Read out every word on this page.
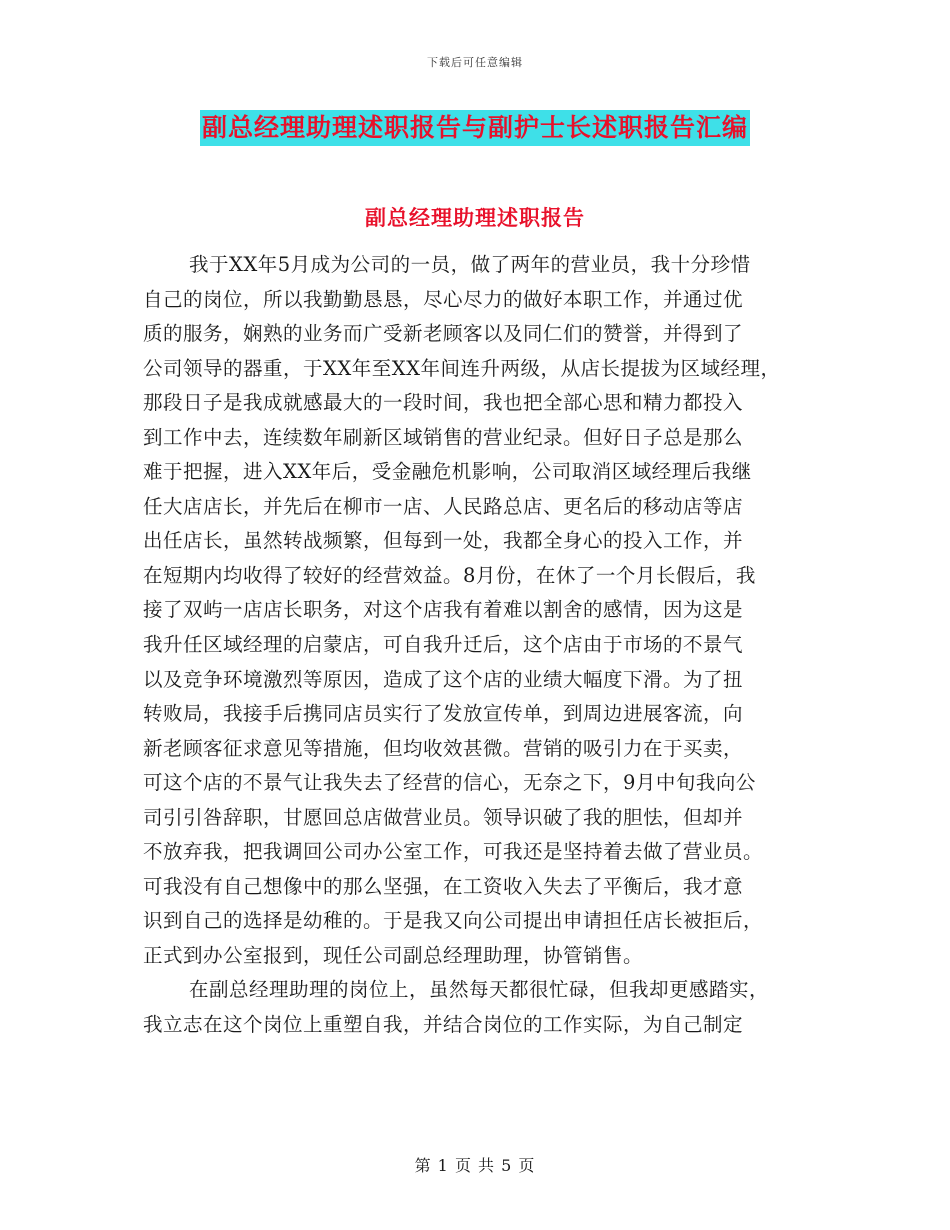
下载后可任意编辑
副总经理助理述职报告与副护士长述职报告汇编
副总经理助理述职报告
我于XX年5月成为公司的一员，做了两年的营业员，我十分珍惜
自己的岗位，所以我勤勤恳恳，尽心尽力的做好本职工作，并通过优
质的服务，娴熟的业务而广受新老顾客以及同仁们的赞誉，并得到了
公司领导的器重，于XX年至XX年间连升两级，从店长提拔为区域经理，
那段日子是我成就感最大的一段时间，我也把全部心思和精力都投入
到工作中去，连续数年刷新区域销售的营业纪录。但好日子总是那么
难于把握，进入XX年后，受金融危机影响，公司取消区域经理后我继
任大店店长，并先后在柳市一店、人民路总店、更名后的移动店等店
出任店长，虽然转战频繁，但每到一处，我都全身心的投入工作，并
在短期内均收得了较好的经营效益。8月份，在休了一个月长假后，我
接了双屿一店店长职务，对这个店我有着难以割舍的感情，因为这是
我升任区域经理的启蒙店，可自我升迁后，这个店由于市场的不景气
以及竞争环境激烈等原因，造成了这个店的业绩大幅度下滑。为了扭
转败局，我接手后携同店员实行了发放宣传单，到周边进展客流，向
新老顾客征求意见等措施，但均收效甚微。营销的吸引力在于买卖，
可这个店的不景气让我失去了经营的信心，无奈之下，9月中旬我向公
司引引咎辞职，甘愿回总店做营业员。领导识破了我的胆怯，但却并
不放弃我，把我调回公司办公室工作，可我还是坚持着去做了营业员。
可我没有自己想像中的那么坚强，在工资收入失去了平衡后，我才意
识到自己的选择是幼稚的。于是我又向公司提出申请担任店长被拒后，
正式到办公室报到，现任公司副总经理助理，协管销售。
在副总经理助理的岗位上，虽然每天都很忙碌，但我却更感踏实，
我立志在这个岗位上重塑自我，并结合岗位的工作实际，为自己制定
第 1 页 共 5 页
